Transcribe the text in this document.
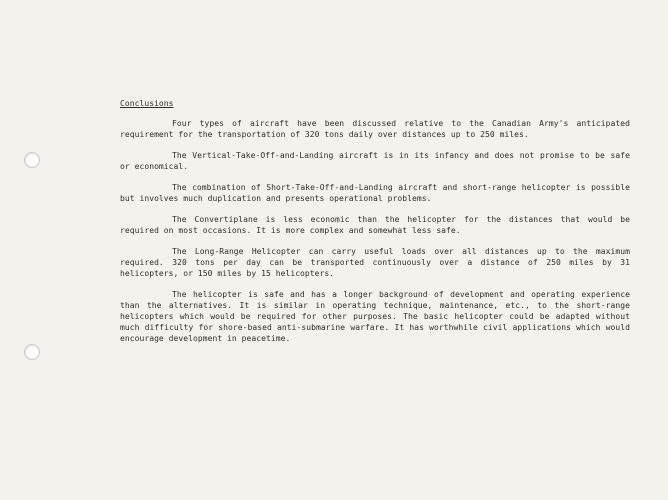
Conclusions

Four types of aircraft have been discussed relative to the Canadian Army's anticipated requirement for the transportation of 320 tons daily over distances up to 250 miles.

The Vertical-Take-Off-and-Landing aircraft is in its infancy and does not promise to be safe or economical.

The combination of Short-Take-Off-and-Landing aircraft and short-range helicopter is possible but involves much duplication and presents operational problems.

The Convertiplane is less economic than the helicopter for the distances that would be required on most occasions. It is more complex and somewhat less safe.

The Long-Range Helicopter can carry useful loads over all distances up to the maximum required. 320 tons per day can be transported continuously over a distance of 250 miles by 31 helicopters, or 150 miles by 15 helicopters.

The helicopter is safe and has a longer background of development and operating experience than the alternatives. It is similar in operating technique, maintenance, etc., to the short-range helicopters which would be required for other purposes. The basic helicopter could be adapted without much difficulty for shore-based anti-submarine warfare. It has worthwhile civil applications which would encourage development in peacetime.
